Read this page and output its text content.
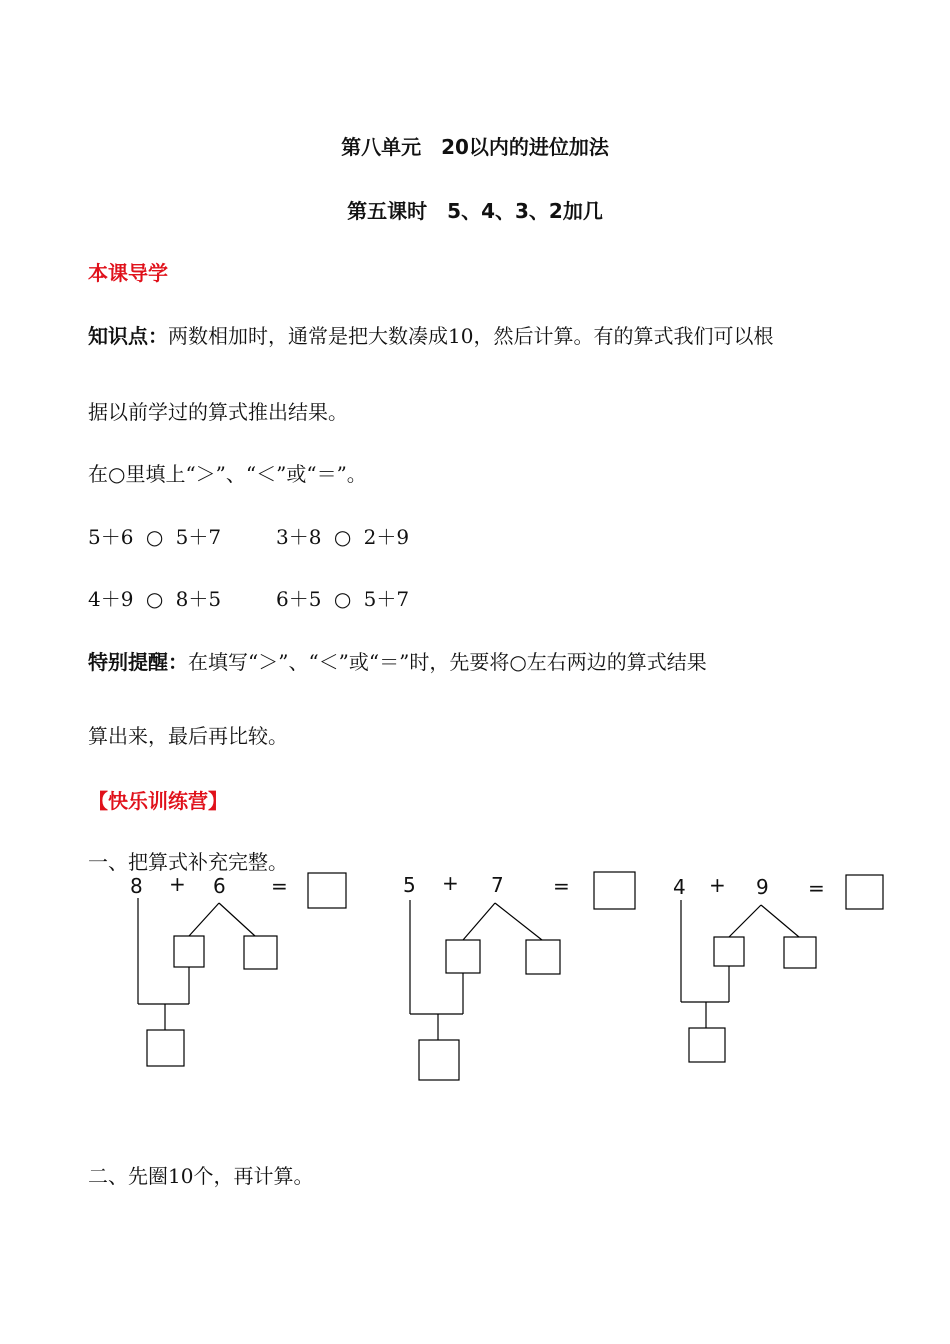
第八单元　20以内的进位加法
第五课时　5、4、3、2加几
本课导学
知识点：两数相加时，通常是把大数凑成10，然后计算。有的算式我们可以根
据以前学过的算式推出结果。
在○里填上“＞”、“＜”或“＝”。
5＋6 ○ 5＋7	3＋8 ○ 2＋9
4＋9 ○ 8＋5	6＋5 ○ 5＋7
特别提醒：在填写“＞”、“＜”或“＝”时，先要将○左右两边的算式结果
算出来，最后再比较。
【快乐训练营】
一、把算式补充完整。
8 + 6 =	5 + 7 =	4 + 9 =
二、先圈10个，再计算。
